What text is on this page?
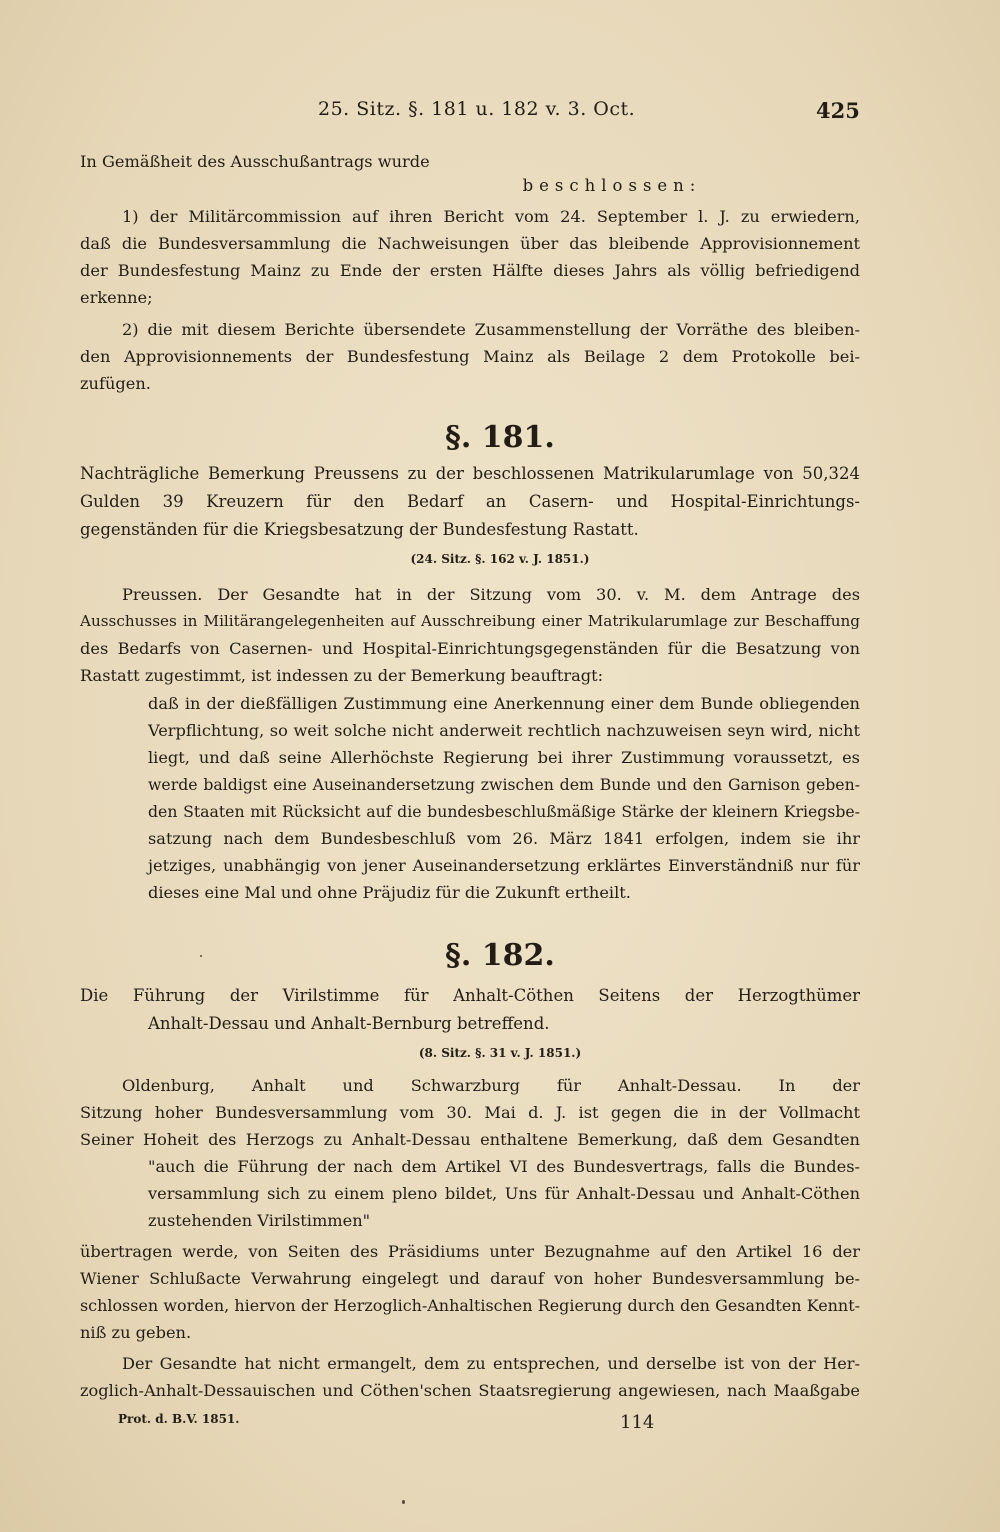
25. Sitz. §. 181 u. 182 v. 3. Oct.	425
In Gemäßheit des Ausschußantrags wurde
beschlossen:
1) der Militärcommission auf ihren Bericht vom 24. September l. J. zu erwiedern,
daß die Bundesversammlung die Nachweisungen über das bleibende Approvisionnement
der Bundesfestung Mainz zu Ende der ersten Hälfte dieses Jahrs als völlig befriedigend
erkenne;
2) die mit diesem Berichte übersendete Zusammenstellung der Vorräthe des bleiben-
den Approvisionnements der Bundesfestung Mainz als Beilage 2 dem Protokolle bei-
zufügen.
§. 181.
Nachträgliche Bemerkung Preussens zu der beschlossenen Matrikularumlage von 50,324
Gulden 39 Kreuzern für den Bedarf an Casern- und Hospital-Einrichtungs-
gegenständen für die Kriegsbesatzung der Bundesfestung Rastatt.
(24. Sitz. §. 162 v. J. 1851.)
Preussen. Der Gesandte hat in der Sitzung vom 30. v. M. dem Antrage des
Ausschusses in Militärangelegenheiten auf Ausschreibung einer Matrikularumlage zur Beschaffung
des Bedarfs von Casernen- und Hospital-Einrichtungsgegenständen für die Besatzung von
Rastatt zugestimmt, ist indessen zu der Bemerkung beauftragt:
daß in der dießfälligen Zustimmung eine Anerkennung einer dem Bunde obliegenden
Verpflichtung, so weit solche nicht anderweit rechtlich nachzuweisen seyn wird, nicht
liegt, und daß seine Allerhöchste Regierung bei ihrer Zustimmung voraussetzt, es
werde baldigst eine Auseinandersetzung zwischen dem Bunde und den Garnison geben-
den Staaten mit Rücksicht auf die bundesbeschlußmäßige Stärke der kleinern Kriegsbe-
satzung nach dem Bundesbeschluß vom 26. März 1841 erfolgen, indem sie ihr
jetziges, unabhängig von jener Auseinandersetzung erklärtes Einverständniß nur für
dieses eine Mal und ohne Präjudiz für die Zukunft ertheilt.
§. 182.
Die Führung der Virilstimme für Anhalt-Cöthen Seitens der Herzogthümer
Anhalt-Dessau und Anhalt-Bernburg betreffend.
(8. Sitz. §. 31 v. J. 1851.)
Oldenburg, Anhalt und Schwarzburg für Anhalt-Dessau. In der
Sitzung hoher Bundesversammlung vom 30. Mai d. J. ist gegen die in der Vollmacht
Seiner Hoheit des Herzogs zu Anhalt-Dessau enthaltene Bemerkung, daß dem Gesandten
"auch die Führung der nach dem Artikel VI des Bundesvertrags, falls die Bundes-
versammlung sich zu einem pleno bildet, Uns für Anhalt-Dessau und Anhalt-Cöthen
zustehenden Virilstimmen"
übertragen werde, von Seiten des Präsidiums unter Bezugnahme auf den Artikel 16 der
Wiener Schlußacte Verwahrung eingelegt und darauf von hoher Bundesversammlung be-
schlossen worden, hiervon der Herzoglich-Anhaltischen Regierung durch den Gesandten Kennt-
niß zu geben.
Der Gesandte hat nicht ermangelt, dem zu entsprechen, und derselbe ist von der Her-
zoglich-Anhalt-Dessauischen und Cöthen'schen Staatsregierung angewiesen, nach Maaßgabe
Prot. d. B.V. 1851.	114
